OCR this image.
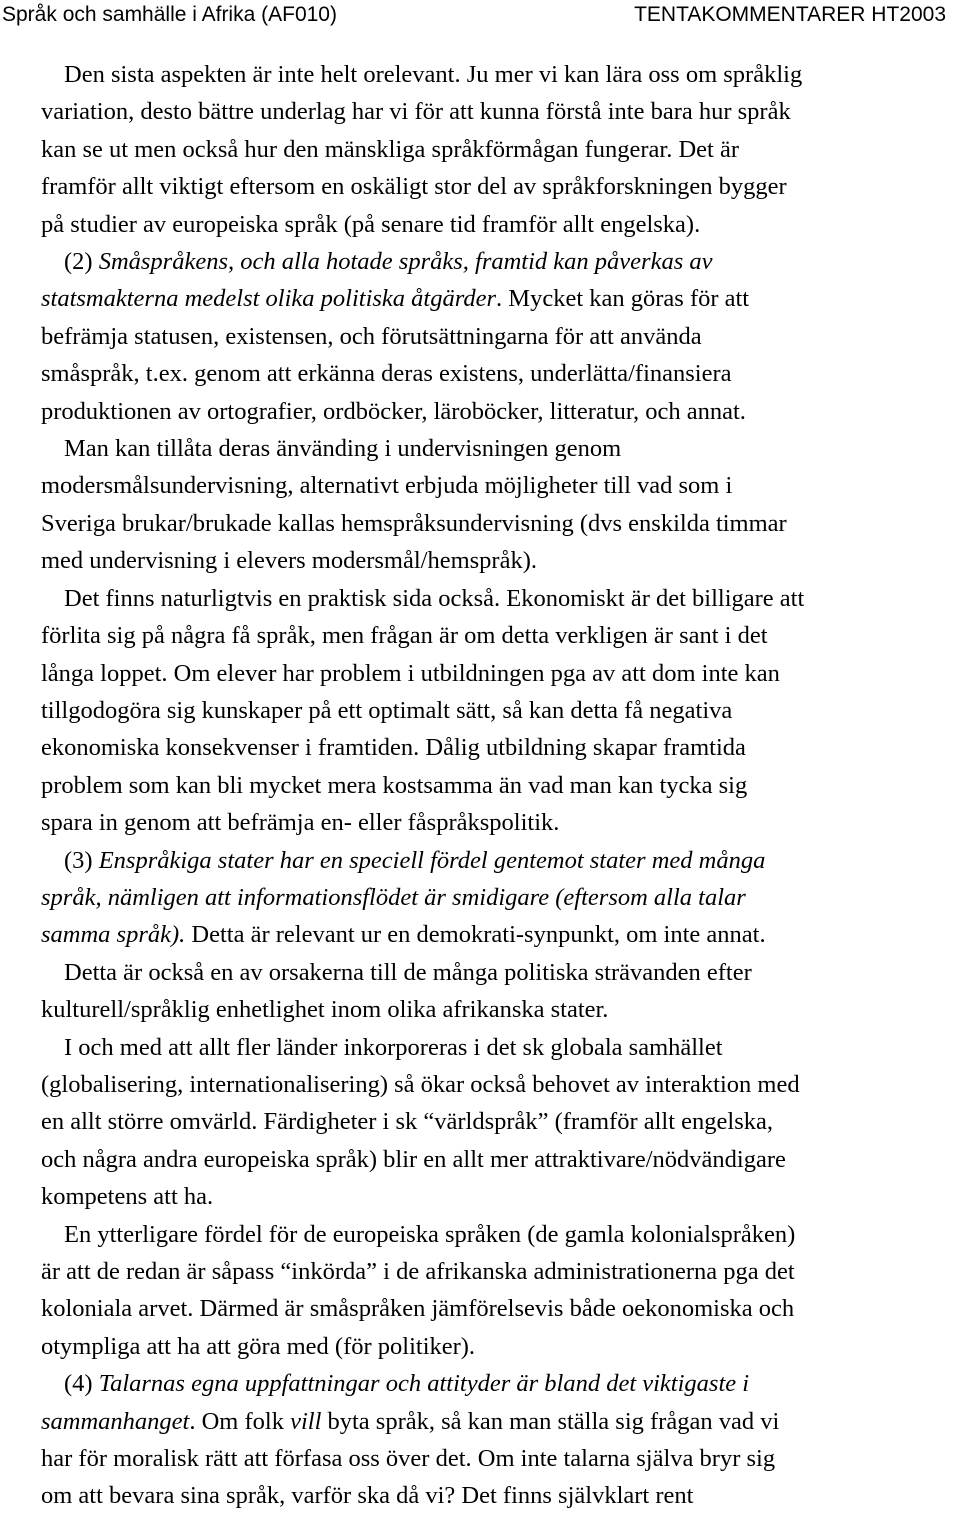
Språk och samhälle i Afrika (AF010)	TENTAKOMMENTARER HT2003

Den sista aspekten är inte helt orelevant. Ju mer vi kan lära oss om språklig

variation, desto bättre underlag har vi för att kunna förstå inte bara hur språk

kan se ut men också hur den mänskliga språkförmågan fungerar. Det är

framför allt viktigt eftersom en oskäligt stor del av språkforskningen bygger

på studier av europeiska språk (på senare tid framför allt engelska).

(2) Småspråkens, och alla hotade språks, framtid kan påverkas av

statsmakterna medelst olika politiska åtgärder. Mycket kan göras för att

befrämja statusen, existensen, och förutsättningarna för att använda

småspråk, t.ex. genom att erkänna deras existens, underlätta/finansiera

produktionen av ortografier, ordböcker, läroböcker, litteratur, och annat.

Man kan tillåta deras änvänding i undervisningen genom

modersmålsundervisning, alternativt erbjuda möjligheter till vad som i

Sveriga brukar/brukade kallas hemspråksundervisning (dvs enskilda timmar

med undervisning i elevers modersmål/hemspråk).

Det finns naturligtvis en praktisk sida också. Ekonomiskt är det billigare att

förlita sig på några få språk, men frågan är om detta verkligen är sant i det

långa loppet. Om elever har problem i utbildningen pga av att dom inte kan

tillgodogöra sig kunskaper på ett optimalt sätt, så kan detta få negativa

ekonomiska konsekvenser i framtiden. Dålig utbildning skapar framtida

problem som kan bli mycket mera kostsamma än vad man kan tycka sig

spara in genom att befrämja en- eller fåspråkspolitik.

(3) Enspråkiga stater har en speciell fördel gentemot stater med många

språk, nämligen att informationsflödet är smidigare (eftersom alla talar

samma språk). Detta är relevant ur en demokrati-synpunkt, om inte annat.

Detta är också en av orsakerna till de många politiska strävanden efter

kulturell/språklig enhetlighet inom olika afrikanska stater.

I och med att allt fler länder inkorporeras i det sk globala samhället

(globalisering, internationalisering) så ökar också behovet av interaktion med

en allt större omvärld. Färdigheter i sk “världspråk” (framför allt engelska,

och några andra europeiska språk) blir en allt mer attraktivare/nödvändigare

kompetens att ha.

En ytterligare fördel för de europeiska språken (de gamla kolonialspråken)

är att de redan är såpass “inkörda” i de afrikanska administrationerna pga det

koloniala arvet. Därmed är småspråken jämförelsevis både oekonomiska och

otympliga att ha att göra med (för politiker).

(4) Talarnas egna uppfattningar och attityder är bland det viktigaste i

sammanhanget. Om folk vill byta språk, så kan man ställa sig frågan vad vi

har för moralisk rätt att förfasa oss över det. Om inte talarna själva bryr sig

om att bevara sina språk, varför ska då vi? Det finns självklart rent
